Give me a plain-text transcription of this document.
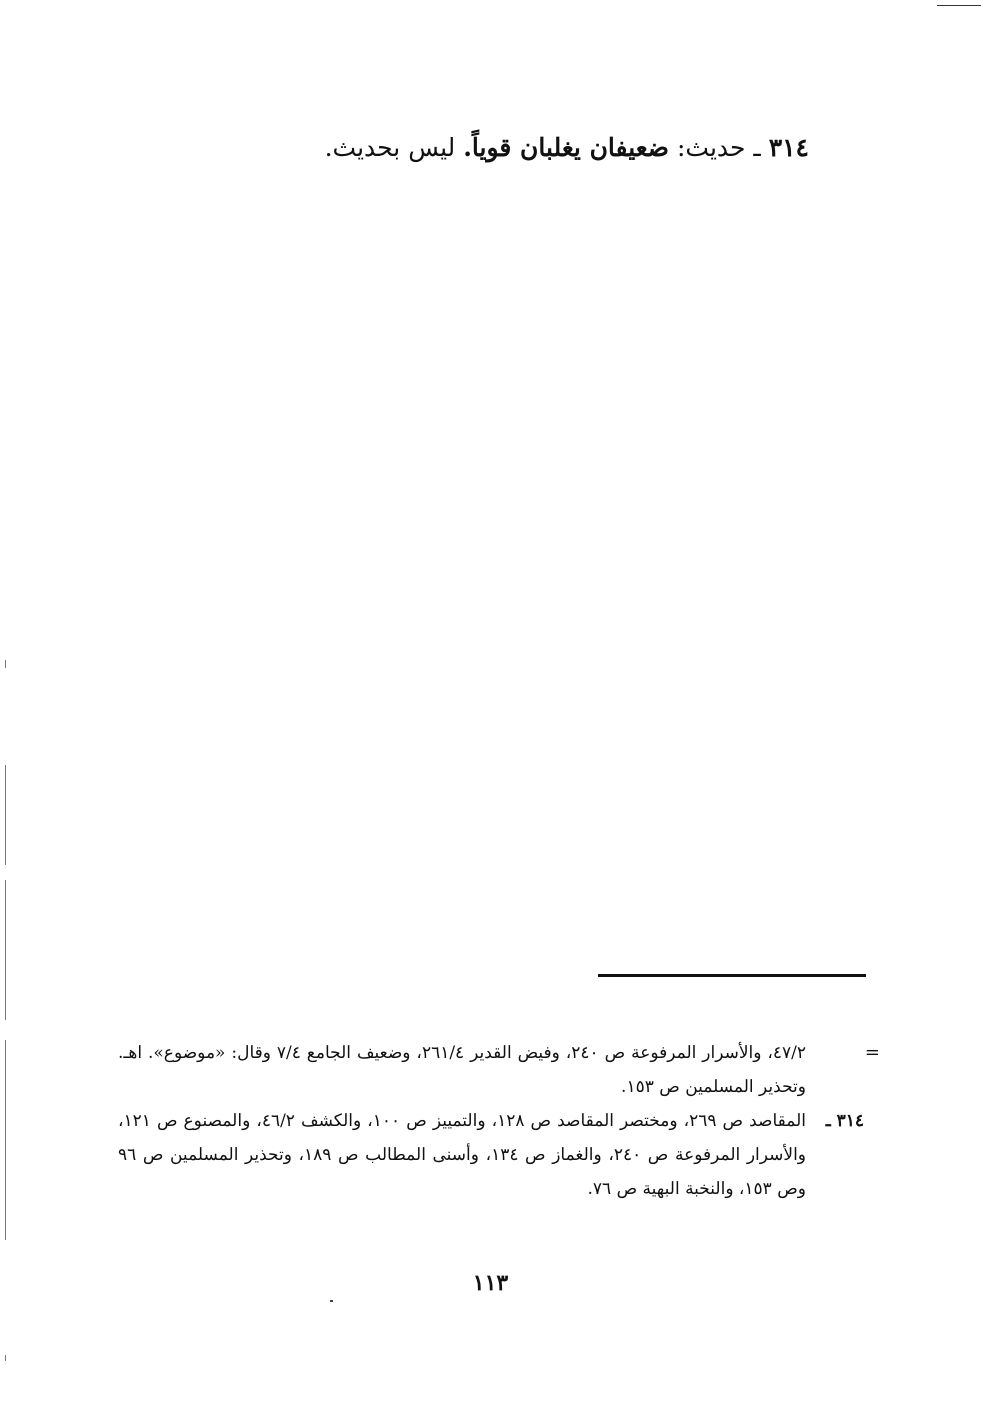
٣١٤ ـ حديث: ضعيفان يغلبان قوياً. ليس بحديث.
=
٤٧/٢، والأسرار المرفوعة ص ٢٤٠، وفيض القدير ٢٦١/٤، وضعيف الجامع ٧/٤ وقال: «موضوع». اهـ. وتحذير المسلمين ص ١٥٣.
٣١٤ ـ
المقاصد ص ٢٦٩، ومختصر المقاصد ص ١٢٨، والتمييز ص ١٠٠، والكشف ٤٦/٢، والمصنوع ص ١٢١، والأسرار المرفوعة ص ٢٤٠، والغماز ص ١٣٤، وأسنى المطالب ص ١٨٩، وتحذير المسلمين ص ٩٦ وص ١٥٣، والنخبة البهية ص ٧٦.
١١٣
